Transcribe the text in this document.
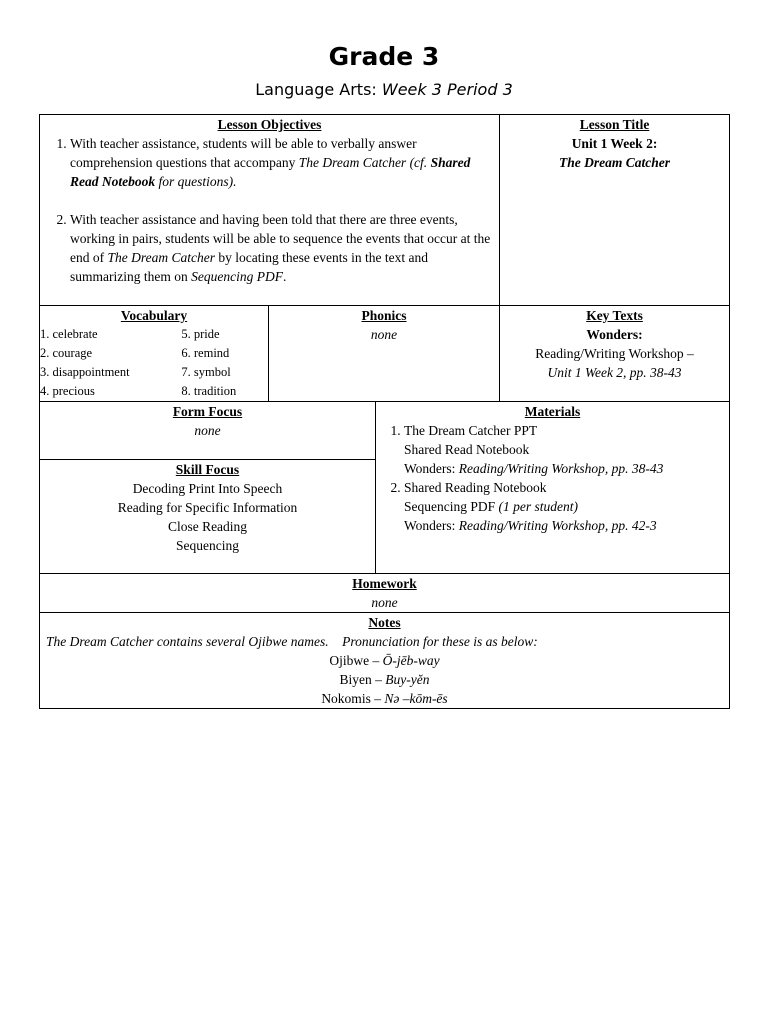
Grade 3
Language Arts: Week 3 Period 3
Lesson Objectives
1. With teacher assistance, students will be able to verbally answer comprehension questions that accompany The Dream Catcher (cf. Shared Read Notebook for questions).
2. With teacher assistance and having been told that there are three events, working in pairs, students will be able to sequence the events that occur at the end of The Dream Catcher by locating these events in the text and summarizing them on Sequencing PDF.

Lesson Title
Unit 1 Week 2:
The Dream Catcher

Vocabulary
1. celebrate	5. pride
2. courage	6. remind
3. disappointment	7. symbol
4. precious	8. tradition

Phonics
none

Key Texts
Wonders:
Reading/Writing Workshop –
Unit 1 Week 2, pp. 38-43

Form Focus
none
Skill Focus
Decoding Print Into Speech
Reading for Specific Information
Close Reading
Sequencing

Materials
1. The Dream Catcher PPT
Shared Read Notebook
Wonders: Reading/Writing Workshop, pp. 38-43
2. Shared Reading Notebook
Sequencing PDF (1 per student)
Wonders: Reading/Writing Workshop, pp. 42-3

Homework
none

Notes
The Dream Catcher contains several Ojibwe names.    Pronunciation for these is as below:
Ojibwe – Ō-jēb-way
Biyen – Buy-yĕn
Nokomis – Nə –kōm-ēs
